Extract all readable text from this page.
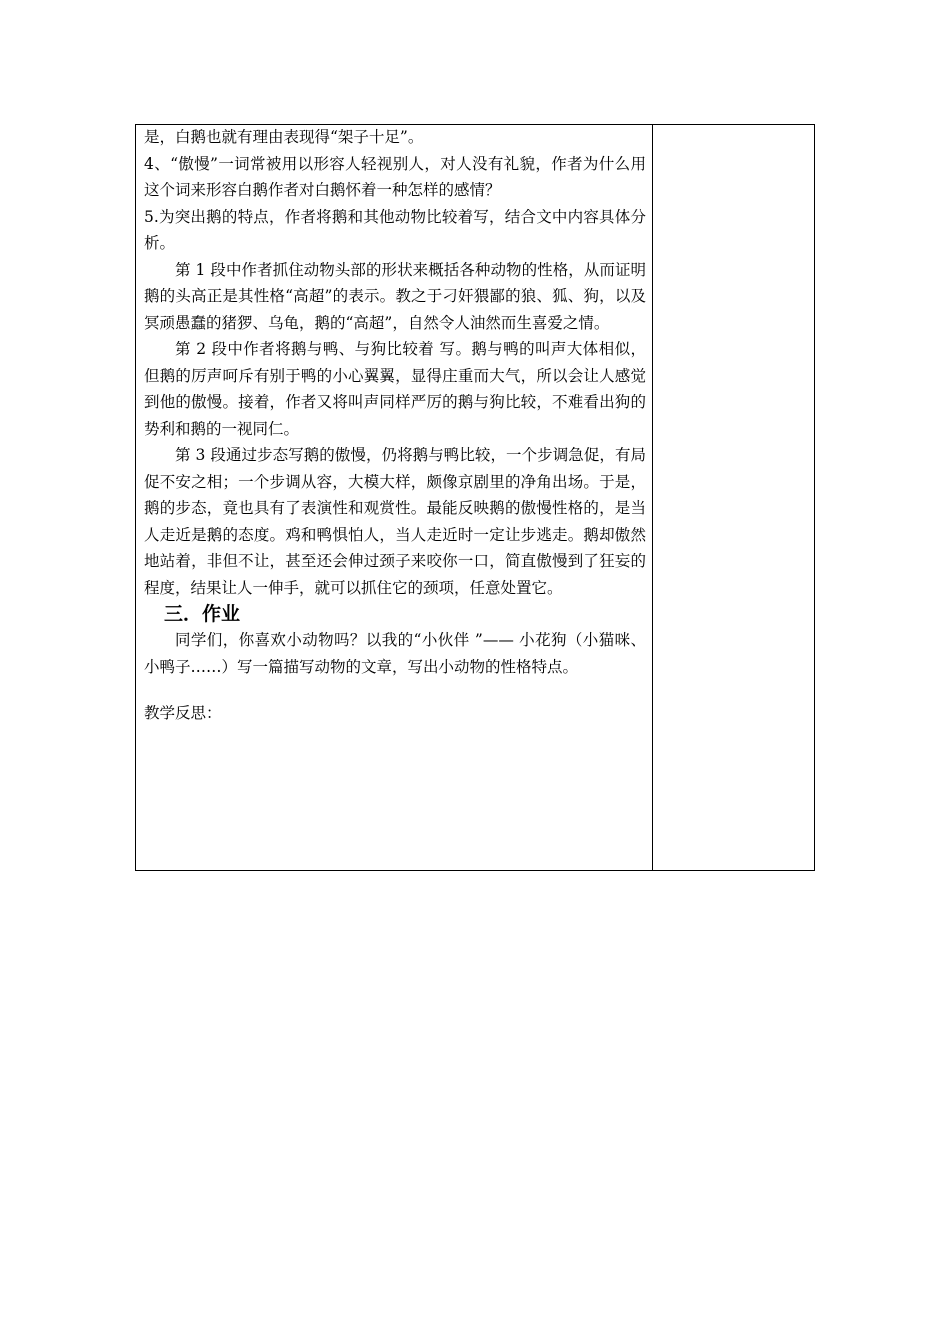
是，白鹅也就有理由表现得“架子十足”。

4、“傲慢”一词常被用以形容人轻视别人，对人没有礼貌，作者为什么用这个词来形容白鹅作者对白鹅怀着一种怎样的感情？

5.为突出鹅的特点，作者将鹅和其他动物比较着写，结合文中内容具体分析。

第 1 段中作者抓住动物头部的形状来概括各种动物的性格，从而证明鹅的头高正是其性格“高超”的表示。教之于刁奸猥鄙的狼、狐、狗，以及冥顽愚蠢的猪猡、乌龟，鹅的“高超”，自然令人油然而生喜爱之情。

第 2 段中作者将鹅与鸭、与狗比较着 写。鹅与鸭的叫声大体相似，但鹅的厉声呵斥有别于鸭的小心翼翼，显得庄重而大气，所以会让人感觉到他的傲慢。接着，作者又将叫声同样严厉的鹅与狗比较，不难看出狗的势利和鹅的一视同仁。

第 3 段通过步态写鹅的傲慢，仍将鹅与鸭比较，一个步调急促，有局促不安之相；一个步调从容，大模大样，颇像京剧里的净角出场。于是，鹅的步态，竟也具有了表演性和观赏性。最能反映鹅的傲慢性格的，是当人走近是鹅的态度。鸡和鸭惧怕人，当人走近时一定让步逃走。鹅却傲然地站着，非但不让，甚至还会伸过颈子来咬你一口，简直傲慢到了狂妄的程度，结果让人一伸手，就可以抓住它的颈项，任意处置它。

三．作业

同学们，你喜欢小动物吗？以我的“小伙伴 ”—— 小花狗（小猫咪、小鸭子……）写一篇描写动物的文章，写出小动物的性格特点。

教学反思：
